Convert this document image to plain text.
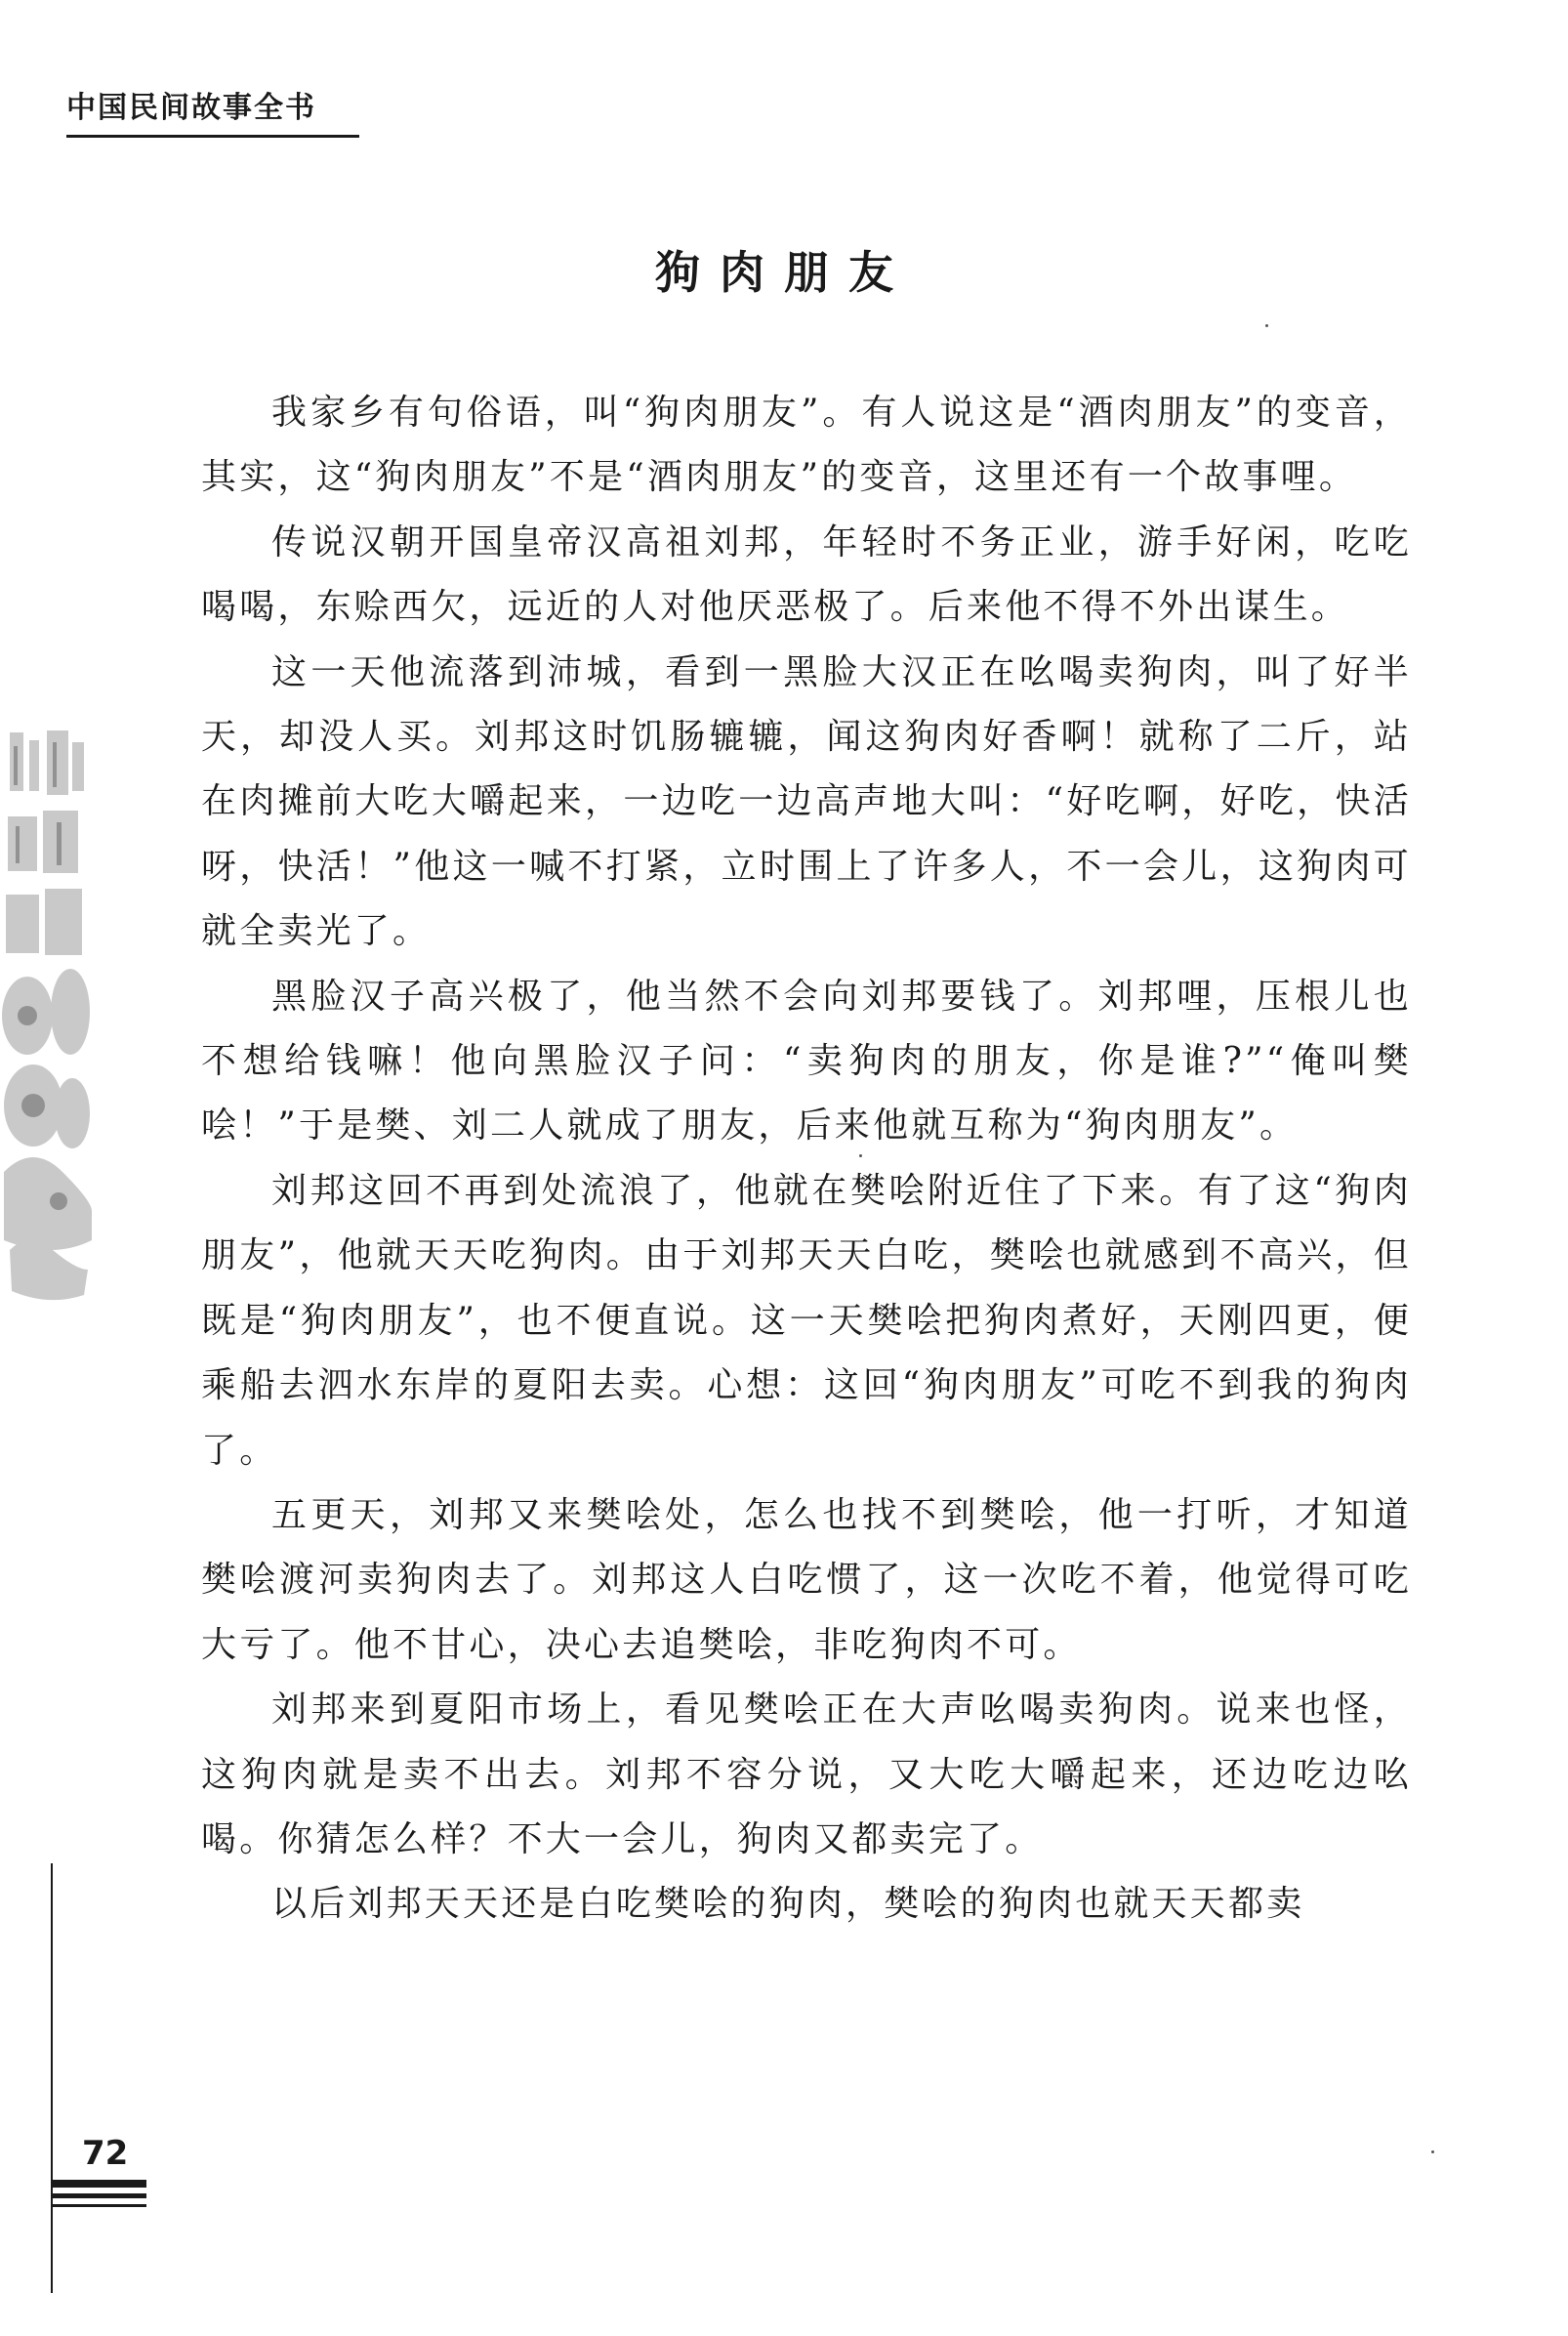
中国民间故事全书
狗肉朋友

我家乡有句俗语，叫“狗肉朋友”。有人说这是“酒肉朋友”的变音，其实，这“狗肉朋友”不是“酒肉朋友”的变音，这里还有一个故事哩。

传说汉朝开国皇帝汉高祖刘邦，年轻时不务正业，游手好闲，吃吃喝喝，东赊西欠，远近的人对他厌恶极了。后来他不得不外出谋生。

这一天他流落到沛城，看到一黑脸大汉正在吆喝卖狗肉，叫了好半天，却没人买。刘邦这时饥肠辘辘，闻这狗肉好香啊！就称了二斤，站在肉摊前大吃大嚼起来，一边吃一边高声地大叫：“好吃啊，好吃，快活呀，快活！”他这一喊不打紧，立时围上了许多人，不一会儿，这狗肉可就全卖光了。

黑脸汉子高兴极了，他当然不会向刘邦要钱了。刘邦哩，压根儿也不想给钱嘛！他向黑脸汉子问：“卖狗肉的朋友，你是谁?”“俺叫樊哙！”于是樊、刘二人就成了朋友，后来他就互称为“狗肉朋友”。

刘邦这回不再到处流浪了，他就在樊哙附近住了下来。有了这“狗肉朋友”，他就天天吃狗肉。由于刘邦天天白吃，樊哙也就感到不高兴，但既是“狗肉朋友”，也不便直说。这一天樊哙把狗肉煮好，天刚四更，便乘船去泗水东岸的夏阳去卖。心想：这回“狗肉朋友”可吃不到我的狗肉了。

五更天，刘邦又来樊哙处，怎么也找不到樊哙，他一打听，才知道樊哙渡河卖狗肉去了。刘邦这人白吃惯了，这一次吃不着，他觉得可吃大亏了。他不甘心，决心去追樊哙，非吃狗肉不可。

刘邦来到夏阳市场上，看见樊哙正在大声吆喝卖狗肉。说来也怪，这狗肉就是卖不出去。刘邦不容分说，又大吃大嚼起来，还边吃边吆喝。你猜怎么样？不大一会儿，狗肉又都卖完了。

以后刘邦天天还是白吃樊哙的狗肉，樊哙的狗肉也就天天都卖

72
